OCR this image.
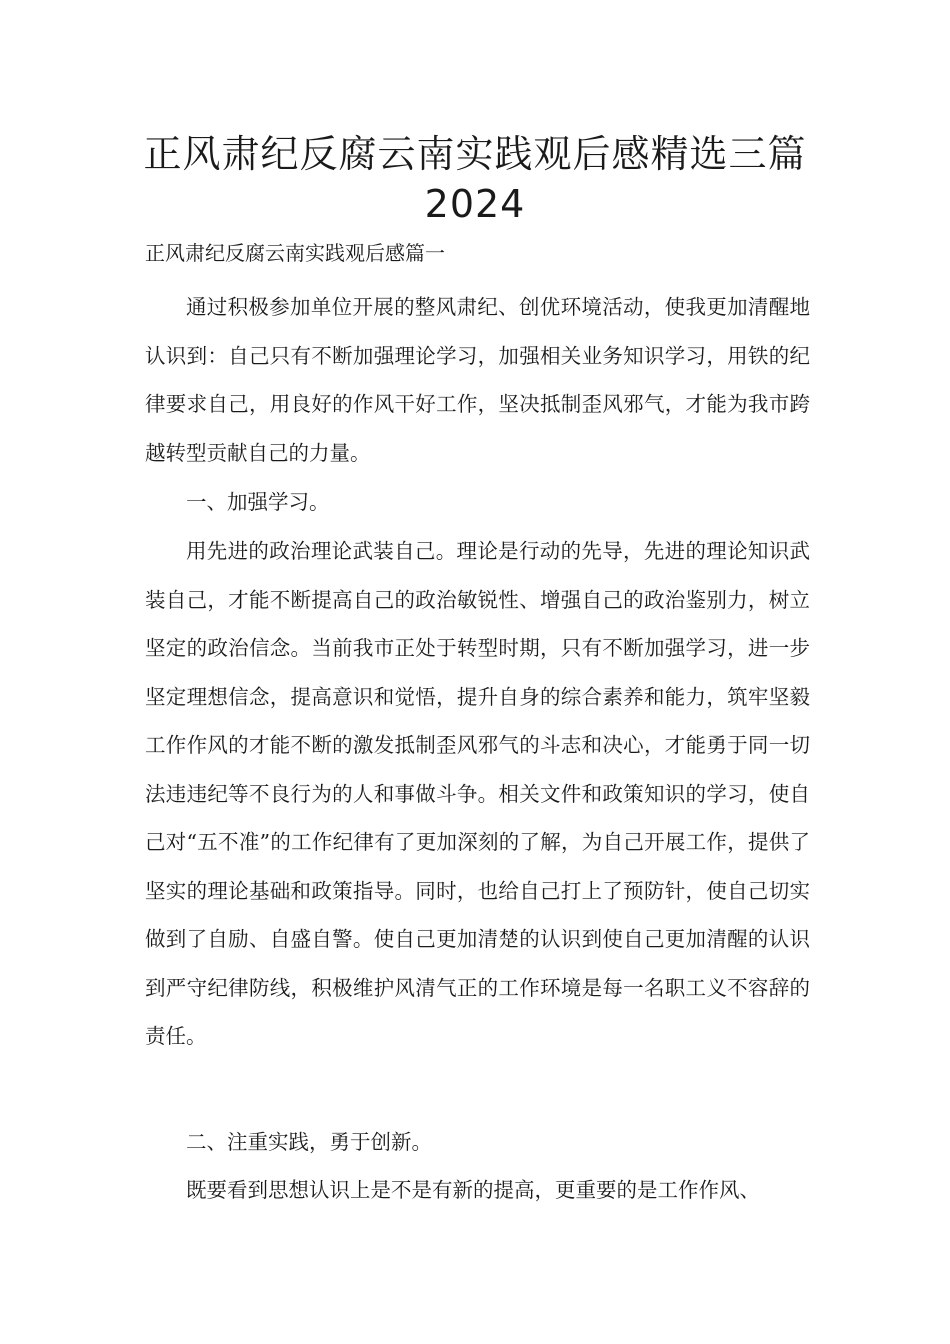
正风肃纪反腐云南实践观后感精选三篇
2024

正风肃纪反腐云南实践观后感篇一

通过积极参加单位开展的整风肃纪、创优环境活动，使我更加清醒地认识到：自己只有不断加强理论学习，加强相关业务知识学习，用铁的纪律要求自己，用良好的作风干好工作，坚决抵制歪风邪气，才能为我市跨越转型贡献自己的力量。

一、加强学习。

用先进的政治理论武装自己。理论是行动的先导，先进的理论知识武装自己，才能不断提高自己的政治敏锐性、增强自己的政治鉴别力，树立坚定的政治信念。当前我市正处于转型时期，只有不断加强学习，进一步坚定理想信念，提高意识和觉悟，提升自身的综合素养和能力，筑牢坚毅工作作风的才能不断的激发抵制歪风邪气的斗志和决心，才能勇于同一切法违违纪等不良行为的人和事做斗争。相关文件和政策知识的学习，使自己对“五不准”的工作纪律有了更加深刻的了解，为自己开展工作，提供了坚实的理论基础和政策指导。同时，也给自己打上了预防针，使自己切实做到了自励、自盛自警。使自己更加清楚的认识到使自己更加清醒的认识到严守纪律防线，积极维护风清气正的工作环境是每一名职工义不容辞的责任。

二、注重实践，勇于创新。

既要看到思想认识上是不是有新的提高，更重要的是工作作风、
